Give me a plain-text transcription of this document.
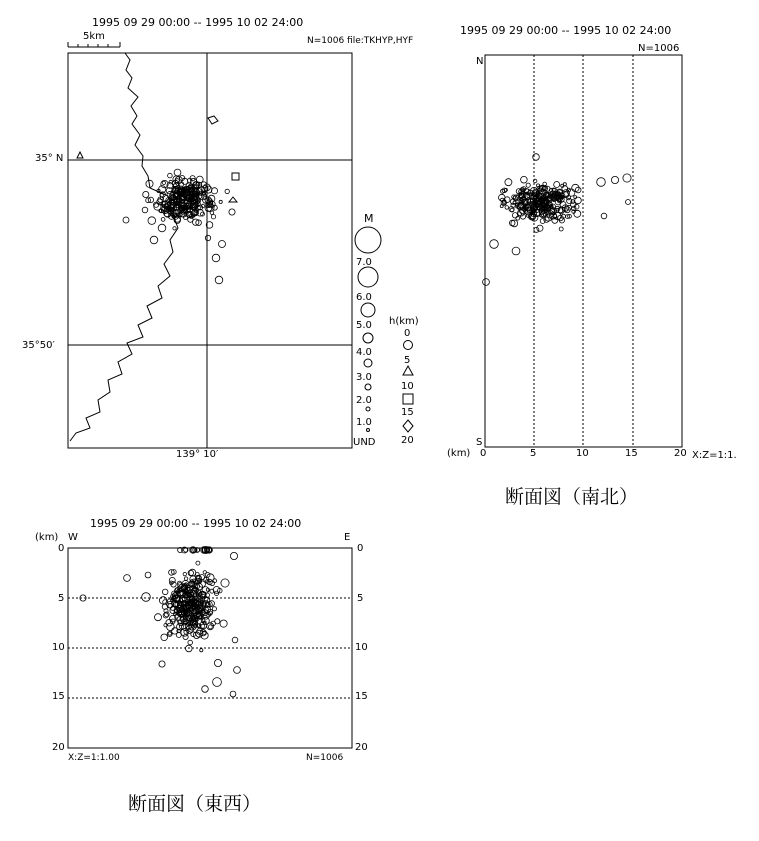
1995 09 29 00:00 -- 1995 10 02 24:00
N=1006 file:TKHYP,HYF
5km
35° N
35°50′
139° 10′
M
7.0
6.0
5.0
4.0
3.0
2.0
1.0
UND
h(km)
0
5
10
15
20
1995 09 29 00:00 -- 1995 10 02 24:00
N=1006
N
S
(km) 0	5	10	15	20 X:Z=1:1.
断面図（南北）
1995 09 29 00:00 -- 1995 10 02 24:00
(km) W	E
0
5
10
15
20
0
5
10
15
20
X:Z=1:1.00	N=1006
断面図（東西）
